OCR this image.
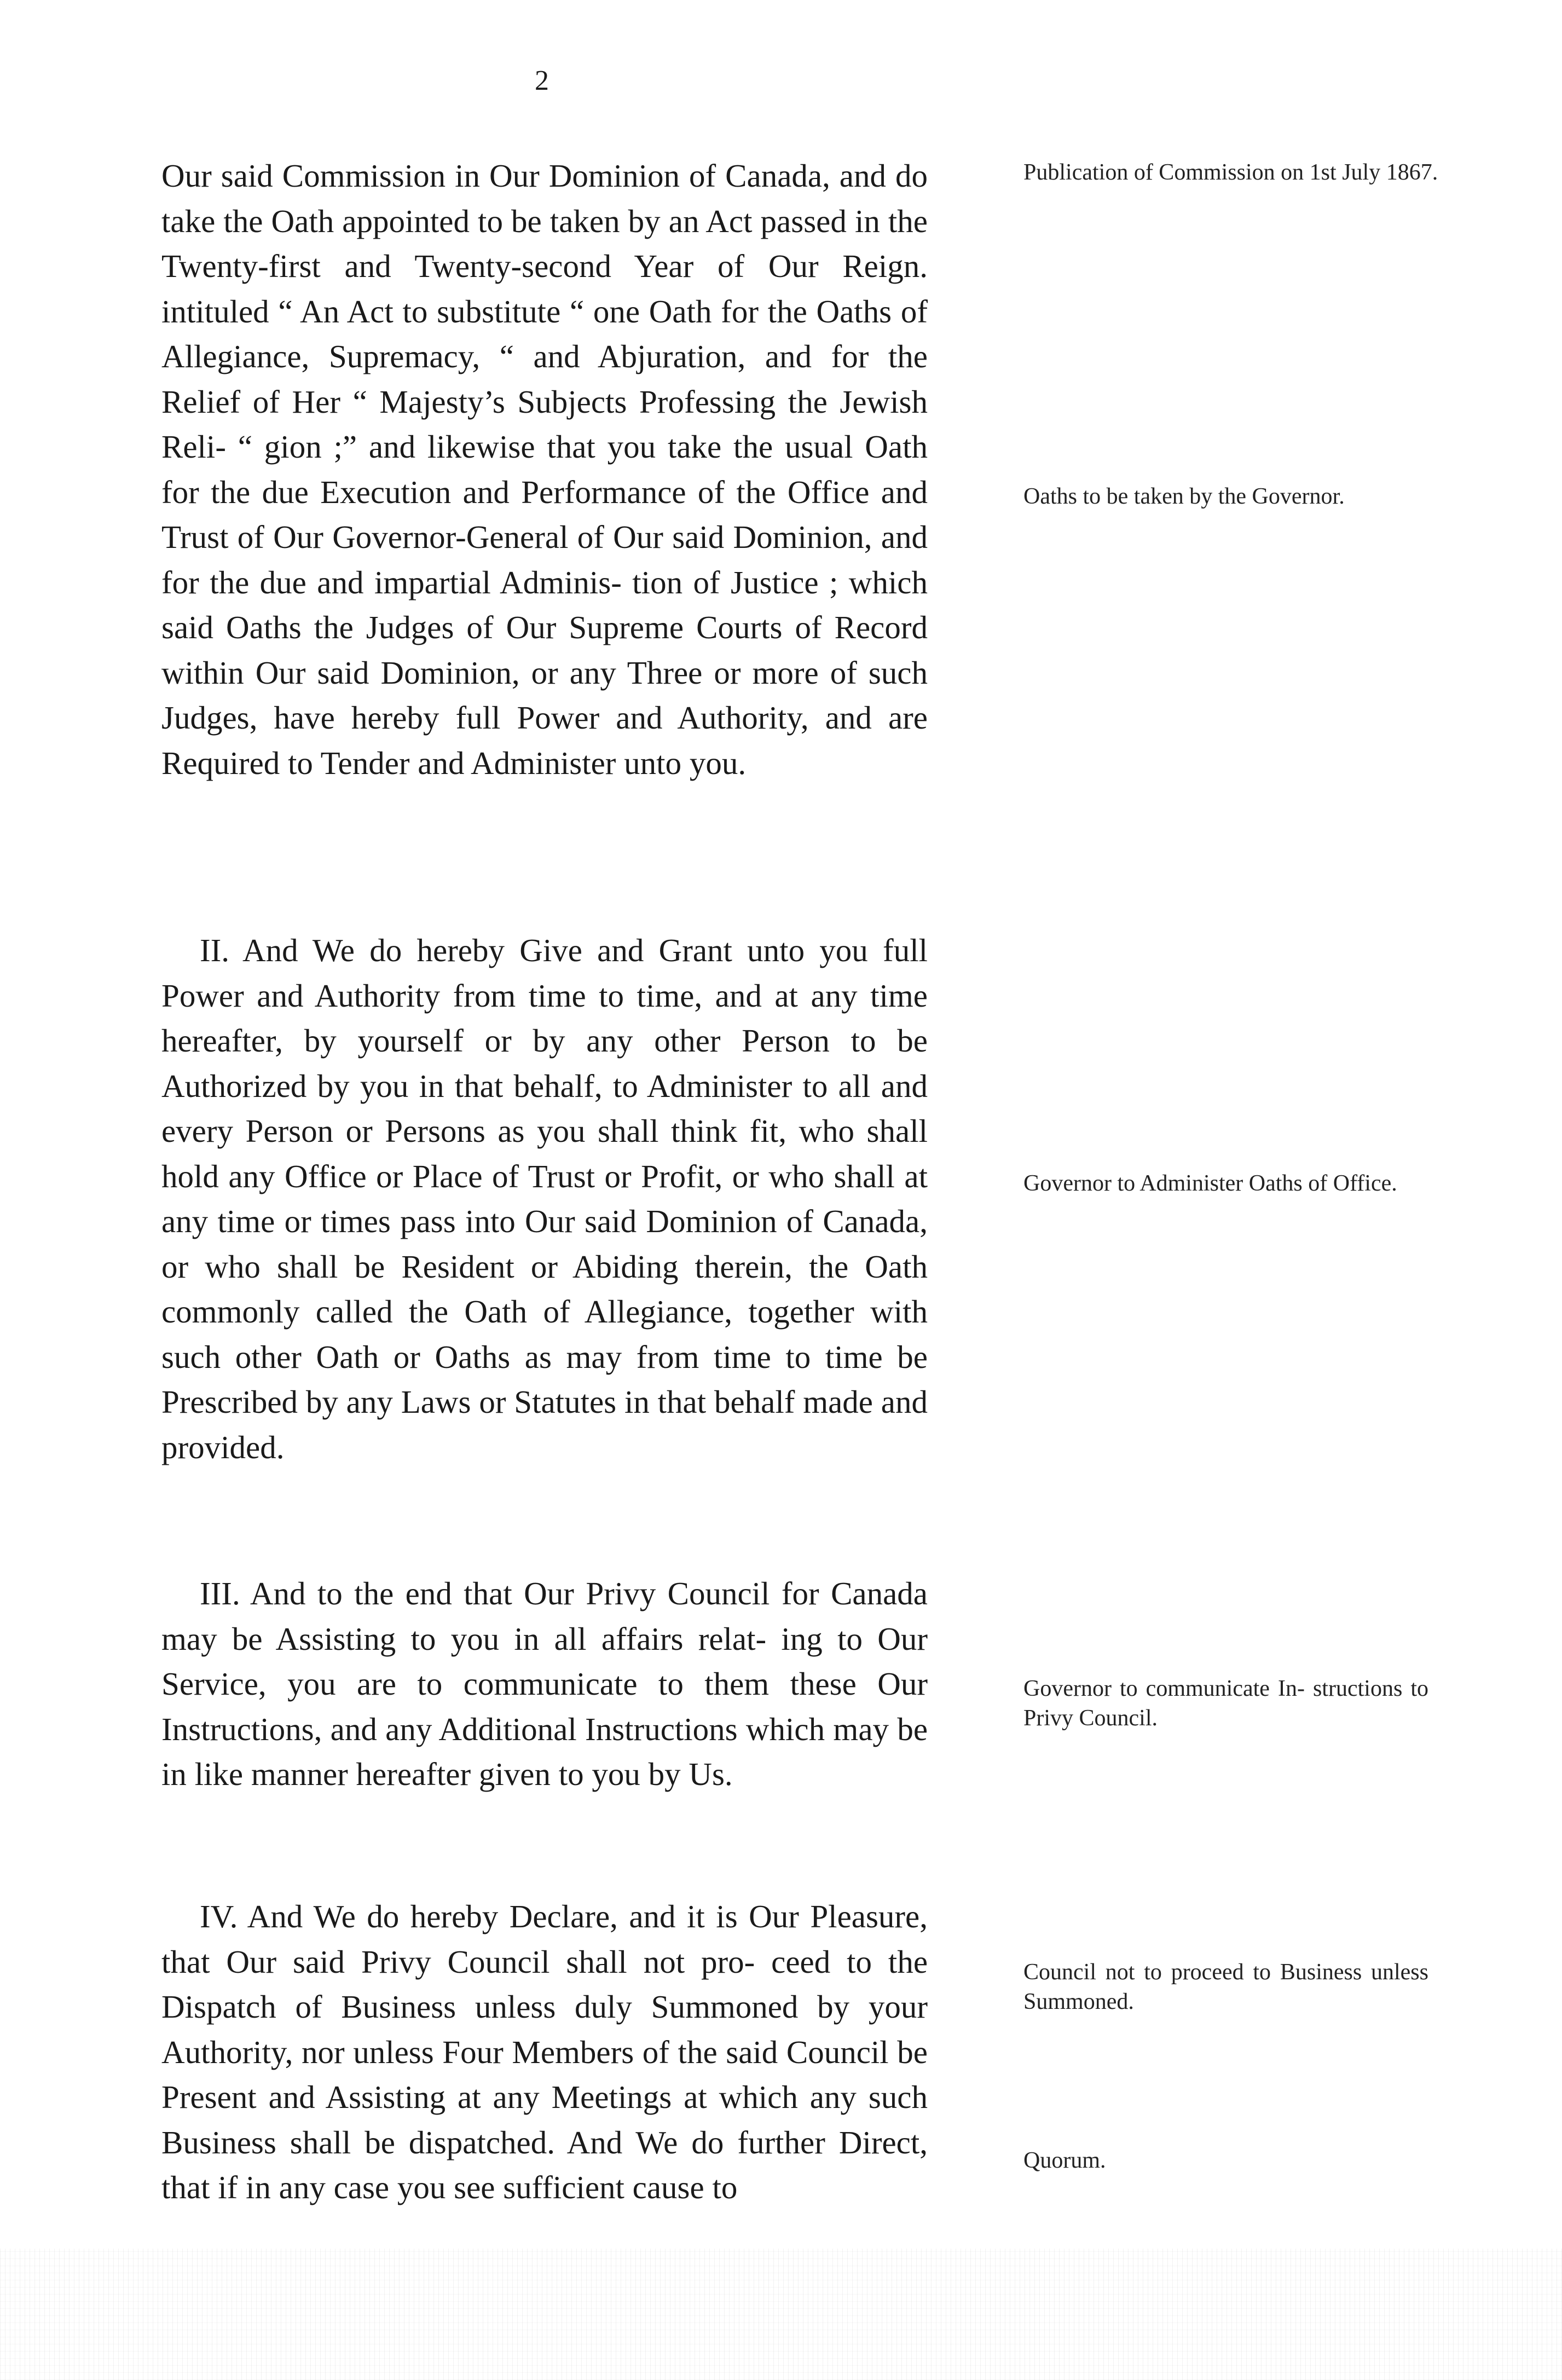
2

Our said Commission in Our Dominion of Canada, and do take the Oath appointed to be taken by an Act passed in the Twenty-first and Twenty-second Year of Our Reign. intituled “ An Act to substitute “ one Oath for the Oaths of Allegiance, Supremacy, “ and Abjuration, and for the Relief of Her “ Majesty’s Subjects Professing the Jewish Reli- “ gion ;” and likewise that you take the usual Oath for the due Execution and Performance of the Office and Trust of Our Governor-General of Our said Dominion, and for the due and impartial Adminis- tion of Justice ; which said Oaths the Judges of Our Supreme Courts of Record within Our said Dominion, or any Three or more of such Judges, have hereby full Power and Authority, and are Required to Tender and Administer unto you.

II. And We do hereby Give and Grant unto you full Power and Authority from time to time, and at any time hereafter, by yourself or by any other Person to be Authorized by you in that behalf, to Administer to all and every Person or Persons as you shall think fit, who shall hold any Office or Place of Trust or Profit, or who shall at any time or times pass into Our said Dominion of Canada, or who shall be Resident or Abiding therein, the Oath commonly called the Oath of Allegiance, together with such other Oath or Oaths as may from time to time be Prescribed by any Laws or Statutes in that behalf made and provided.

III. And to the end that Our Privy Council for Canada may be Assisting to you in all affairs relat- ing to Our Service, you are to communicate to them these Our Instructions, and any Additional Instructions which may be in like manner hereafter given to you by Us.

IV. And We do hereby Declare, and it is Our Pleasure, that Our said Privy Council shall not pro- ceed to the Dispatch of Business unless duly Summoned by your Authority, nor unless Four Members of the said Council be Present and Assisting at any Meetings at which any such Business shall be dispatched. And We do further Direct, that if in any case you see sufficient cause to

Publication of Commission on 1st July 1867.

Oaths to be taken by the Governor.

Governor to Administer Oaths of Office.

Governor to communicate In- structions to Privy Council.

Council not to proceed to Business unless Summoned.

Quorum.
